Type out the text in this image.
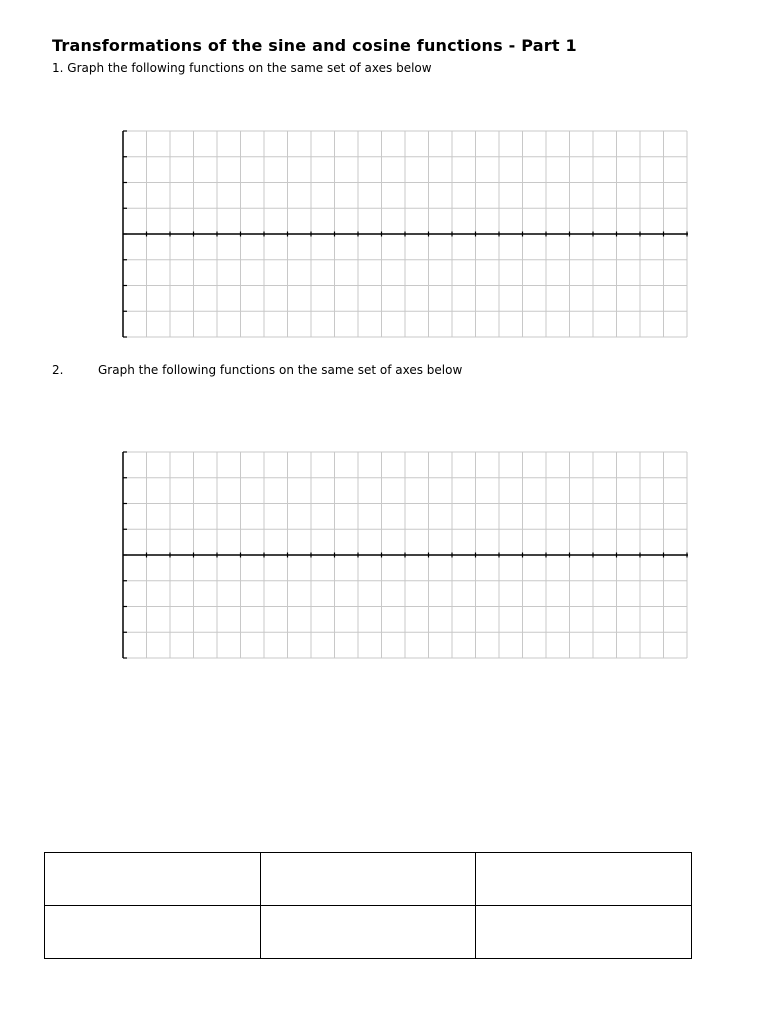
Transformations of the sine and cosine functions - Part 1
1. Graph the following functions on the same set of axes below
2.	Graph the following functions on the same set of axes below
